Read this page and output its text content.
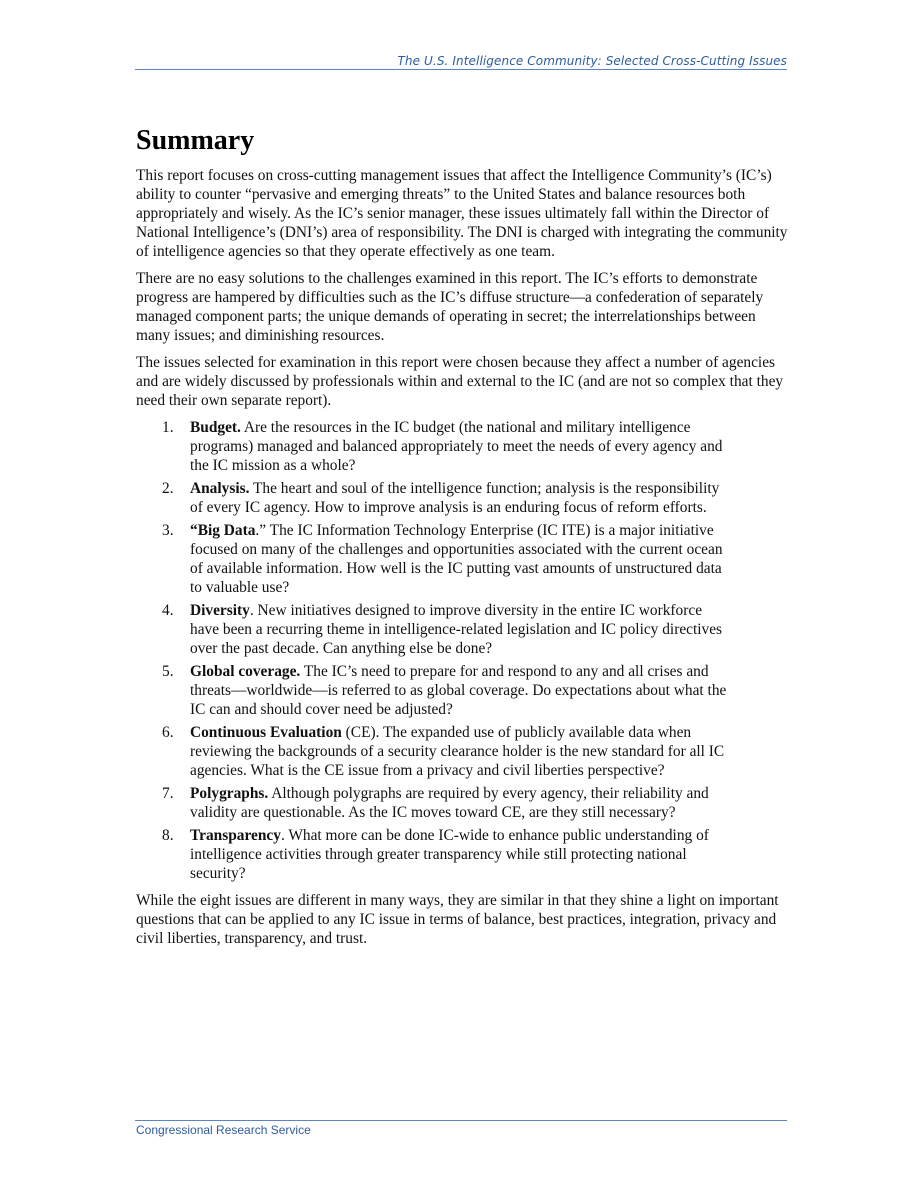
The U.S. Intelligence Community: Selected Cross-Cutting Issues
Summary

This report focuses on cross-cutting management issues that affect the Intelligence Community’s (IC’s) ability to counter “pervasive and emerging threats” to the United States and balance resources both appropriately and wisely. As the IC’s senior manager, these issues ultimately fall within the Director of National Intelligence’s (DNI’s) area of responsibility. The DNI is charged with integrating the community of intelligence agencies so that they operate effectively as one team.

There are no easy solutions to the challenges examined in this report. The IC’s efforts to demonstrate progress are hampered by difficulties such as the IC’s diffuse structure—a confederation of separately managed component parts; the unique demands of operating in secret; the interrelationships between many issues; and diminishing resources.

The issues selected for examination in this report were chosen because they affect a number of agencies and are widely discussed by professionals within and external to the IC (and are not so complex that they need their own separate report).

1. Budget. Are the resources in the IC budget (the national and military intelligence programs) managed and balanced appropriately to meet the needs of every agency and the IC mission as a whole?
2. Analysis. The heart and soul of the intelligence function; analysis is the responsibility of every IC agency. How to improve analysis is an enduring focus of reform efforts.
3. “Big Data.” The IC Information Technology Enterprise (IC ITE) is a major initiative focused on many of the challenges and opportunities associated with the current ocean of available information. How well is the IC putting vast amounts of unstructured data to valuable use?
4. Diversity. New initiatives designed to improve diversity in the entire IC workforce have been a recurring theme in intelligence-related legislation and IC policy directives over the past decade. Can anything else be done?
5. Global coverage. The IC’s need to prepare for and respond to any and all crises and threats—worldwide—is referred to as global coverage. Do expectations about what the IC can and should cover need be adjusted?
6. Continuous Evaluation (CE). The expanded use of publicly available data when reviewing the backgrounds of a security clearance holder is the new standard for all IC agencies. What is the CE issue from a privacy and civil liberties perspective?
7. Polygraphs. Although polygraphs are required by every agency, their reliability and validity are questionable. As the IC moves toward CE, are they still necessary?
8. Transparency. What more can be done IC-wide to enhance public understanding of intelligence activities through greater transparency while still protecting national security?

While the eight issues are different in many ways, they are similar in that they shine a light on important questions that can be applied to any IC issue in terms of balance, best practices, integration, privacy and civil liberties, transparency, and trust.

Congressional Research Service
